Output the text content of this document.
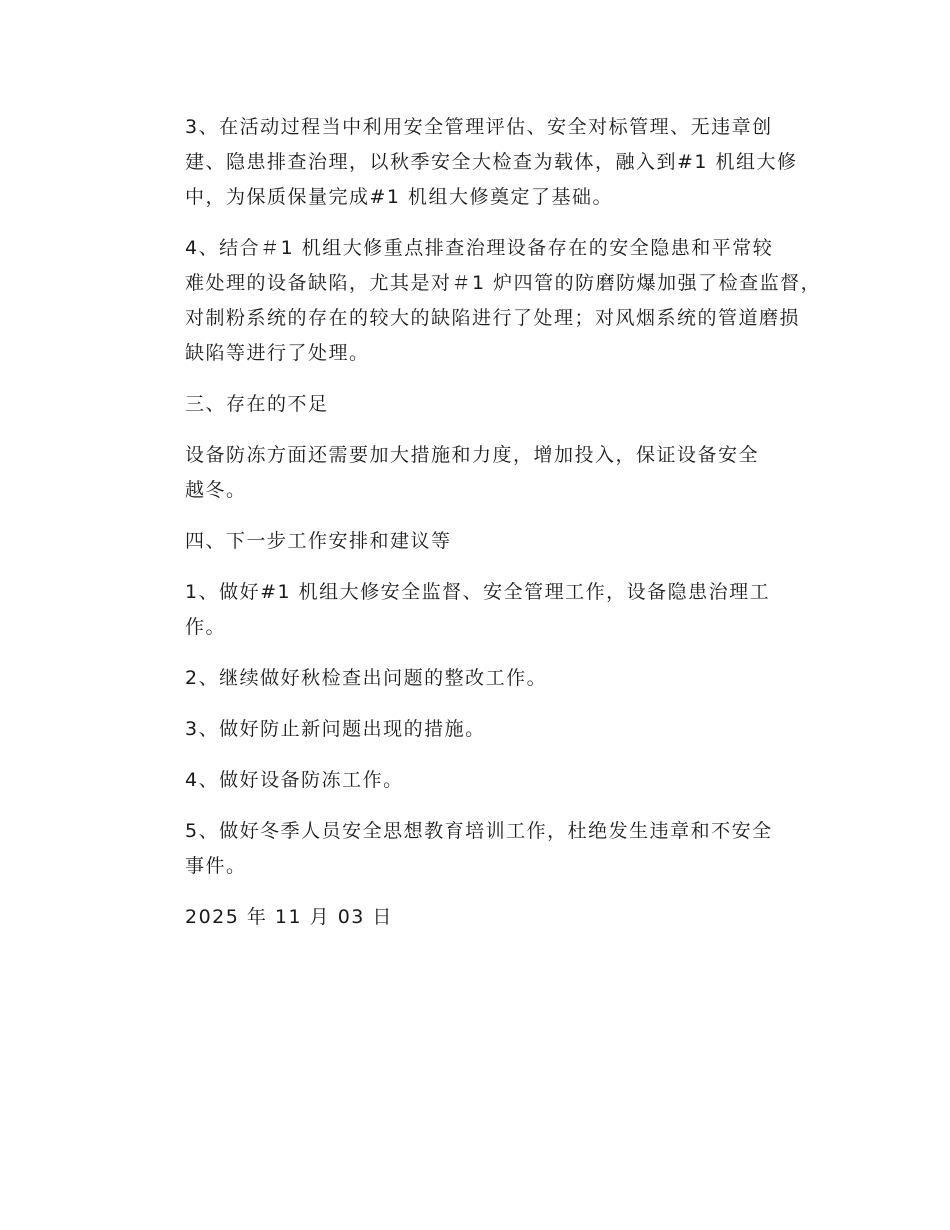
3、在活动过程当中利用安全管理评估、安全对标管理、无违章创
建、隐患排查治理，以秋季安全大检查为载体，融入到#1 机组大修
中，为保质保量完成#1 机组大修奠定了基础。

4、结合＃1 机组大修重点排查治理设备存在的安全隐患和平常较
难处理的设备缺陷，尤其是对＃1 炉四管的防磨防爆加强了检查监督，
对制粉系统的存在的较大的缺陷进行了处理；对风烟系统的管道磨损
缺陷等进行了处理。

三、存在的不足

设备防冻方面还需要加大措施和力度，增加投入，保证设备安全
越冬。

四、下一步工作安排和建议等

1、做好#1 机组大修安全监督、安全管理工作，设备隐患治理工
作。

2、继续做好秋检查出问题的整改工作。

3、做好防止新问题出现的措施。

4、做好设备防冻工作。

5、做好冬季人员安全思想教育培训工作，杜绝发生违章和不安全
事件。

2025 年 11 月 03 日
